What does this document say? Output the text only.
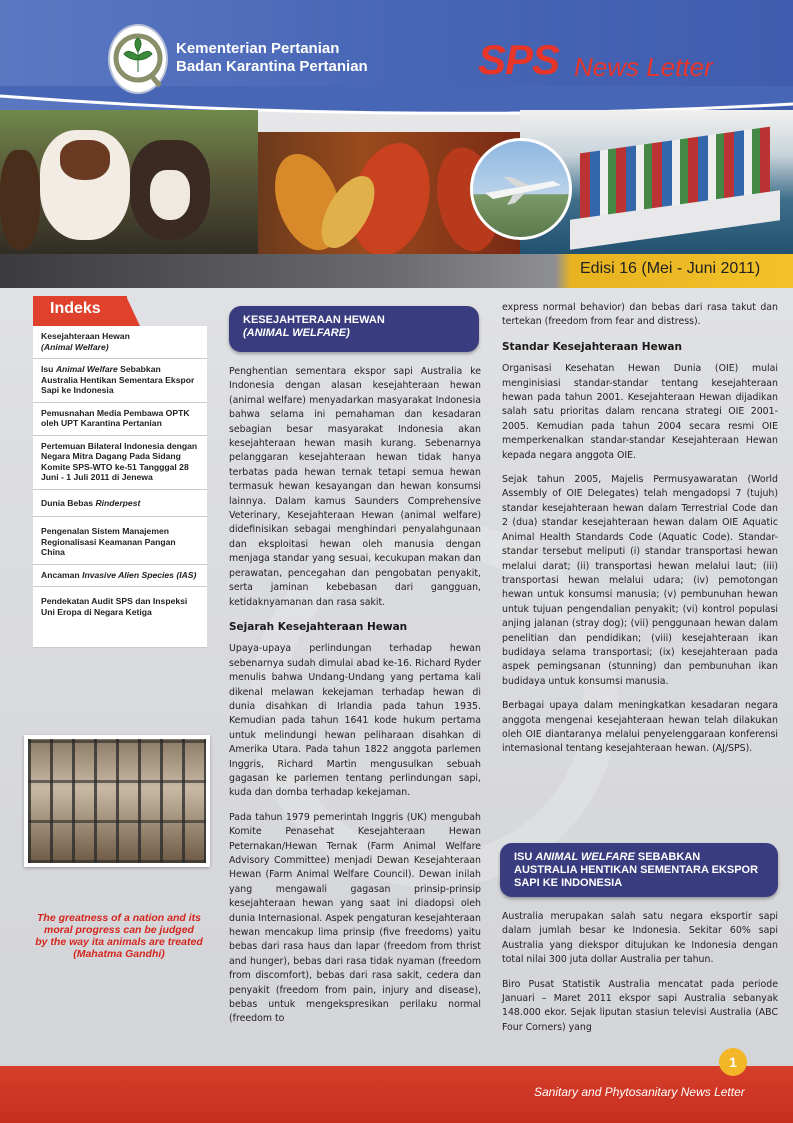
Kementerian Pertanian
Badan Karantina Pertanian	SPS News Letter
Edisi 16 (Mei - Juni 2011)
Indeks
Kesejahteraan Hewan
(Animal Welfare)
Isu Animal Welfare Sebabkan Australia Hentikan Sementara Ekspor Sapi ke Indonesia
Pemusnahan Media Pembawa OPTK oleh UPT Karantina Pertanian
Pertemuan Bilateral Indonesia dengan Negara Mitra Dagang Pada Sidang Komite SPS-WTO ke-51 Tangggal 28 Juni - 1 Juli 2011 di Jenewa
Dunia Bebas Rinderpest
Pengenalan Sistem Manajemen Regionalisasi Keamanan Pangan China
Ancaman Invasive Alien Species (IAS)
Pendekatan Audit SPS dan Inspeksi Uni Eropa di Negara Ketiga
The greatness of a nation and its
moral progress can be judged
by the way ita animals are treated
(Mahatma Gandhi)
KESEJAHTERAAN HEWAN
(ANIMAL WELFARE)

Penghentian sementara ekspor sapi Australia ke Indonesia dengan alasan kesejahteraan hewan (animal welfare) menyadarkan masyarakat Indonesia bahwa selama ini pemahaman dan kesadaran sebagian besar masyarakat Indonesia akan kesejahteraan hewan masih kurang. Sebenarnya pelanggaran kesejahteraan hewan tidak hanya terbatas pada hewan ternak tetapi semua hewan termasuk hewan kesayangan dan hewan konsumsi lainnya. Dalam kamus Saunders Comprehensive Veterinary, Kesejahteraan Hewan (animal welfare) didefinisikan sebagai menghindari penyalahgunaan dan eksploitasi hewan oleh manusia dengan menjaga standar yang sesuai, kecukupan makan dan perawatan, pencegahan dan pengobatan penyakit, serta jaminan kebebasan dari gangguan, ketidaknyamanan dan rasa sakit.

Sejarah Kesejahteraan Hewan

Upaya-upaya perlindungan terhadap hewan sebenarnya sudah dimulai abad ke-16. Richard Ryder menulis bahwa Undang-Undang yang pertama kali dikenal melawan kekejaman terhadap hewan di dunia disahkan di Irlandia pada tahun 1935. Kemudian pada tahun 1641 kode hukum pertama untuk melindungi hewan peliharaan disahkan di Amerika Utara. Pada tahun 1822 anggota parlemen Inggris, Richard Martin mengusulkan sebuah gagasan ke parlemen tentang perlindungan sapi, kuda dan domba terhadap kekejaman.

Pada tahun 1979 pemerintah Inggris (UK) mengubah Komite Penasehat Kesejahteraan Hewan Peternakan/Hewan Ternak (Farm Animal Welfare Advisory Committee) menjadi Dewan Kesejahteraan Hewan (Farm Animal Welfare Council). Dewan inilah yang mengawali gagasan prinsip-prinsip kesejahteraan hewan yang saat ini diadopsi oleh dunia Internasional. Aspek pengaturan kesejahteraan hewan mencakup lima prinsip (five freedoms) yaitu bebas dari rasa haus dan lapar (freedom from thrist and hunger), bebas dari rasa tidak nyaman (freedom from discomfort), bebas dari rasa sakit, cedera dan penyakit (freedom from pain, injury and disease), bebas untuk mengekspresikan perilaku normal (freedom to

express normal behavior) dan bebas dari rasa takut dan tertekan (freedom from fear and distress).

Standar Kesejahteraan Hewan

Organisasi Kesehatan Hewan Dunia (OIE) mulai menginisiasi standar-standar tentang kesejahteraan hewan pada tahun 2001. Kesejahteraan Hewan dijadikan salah satu prioritas dalam rencana strategi OIE 2001-2005. Kemudian pada tahun 2004 secara resmi OIE memperkenalkan standar-standar Kesejahteraan Hewan kepada negara anggota OIE.

Sejak tahun 2005, Majelis Permusyawaratan (World Assembly of OIE Delegates) telah mengadopsi 7 (tujuh) standar kesejahteraan hewan dalam Terrestrial Code dan 2 (dua) standar kesejahteraan hewan dalam OIE Aquatic Animal Health Standards Code (Aquatic Code). Standar-standar tersebut meliputi (i) standar transportasi hewan melalui darat; (ii) transportasi hewan melalui laut; (iii) transportasi hewan melalui udara; (iv) pemotongan hewan untuk konsumsi manusia; (v) pembunuhan hewan untuk tujuan pengendalian penyakit; (vi) kontrol populasi anjing jalanan (stray dog); (vii) penggunaan hewan dalam penelitian dan pendidikan; (viii) kesejahteraan ikan budidaya selama transportasi; (ix) kesejahteraan pada aspek pemingsanan (stunning) dan pembunuhan ikan budidaya untuk konsumsi manusia.

Berbagai upaya dalam meningkatkan kesadaran negara anggota mengenai kesejahteraan hewan telah dilakukan oleh OIE diantaranya melalui penyelenggaraan konferensi internasional tentang kesejahteraan hewan. (AJ/SPS).

ISU ANIMAL WELFARE SEBABKAN AUSTRALIA HENTIKAN SEMENTARA EKSPOR SAPI KE INDONESIA

Australia merupakan salah satu negara eksportir sapi dalam jumlah besar ke Indonesia. Sekitar 60% sapi Australia yang diekspor ditujukan ke Indonesia dengan total nilai 300 juta dollar Australia per tahun.

Biro Pusat Statistik Australia mencatat pada periode Januari – Maret 2011 ekspor sapi Australia sebanyak 148.000 ekor. Sejak liputan stasiun televisi Australia (ABC Four Corners) yang

1
Sanitary and Phytosanitary News Letter
